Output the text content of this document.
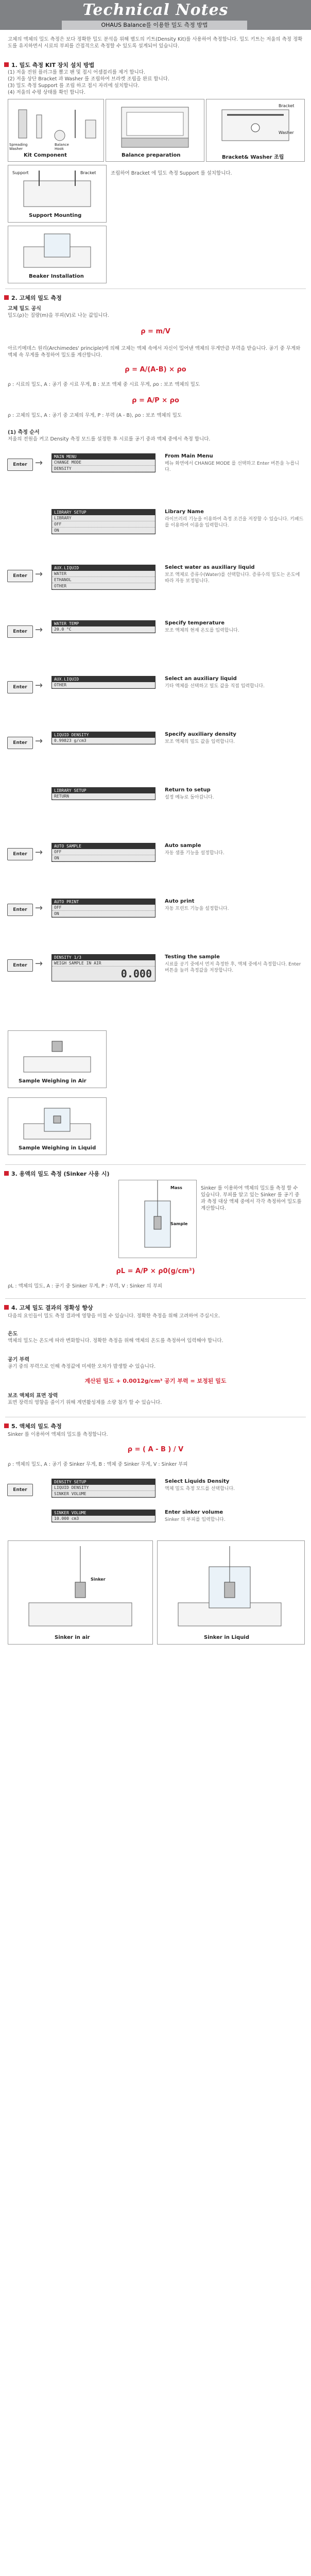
Technical Notes
OHAUS Balance를 이용한 밀도 측정 방법
고체의 액체의 밀도 측정은 보다 정확한 밀도 분석을 위해 별도의 키트(Density Kit)를 사용하여 측정합니다. 밀도 키트는 저울의 측정 정확도를 유지하면서 시료의 부피를 간접적으로 측정할 수 있도록 설계되어 있습니다.
1. 밀도 측정 KIT 장치 설치 방법
(1) 저울 전원 플러그를 뽑고 팬 및 접시 어셈블리를 제거 합니다.
(2) 저울 상단 Bracket 과 Washer 를 조립하여 브라켓 조립을 완료 합니다.
(3) 밀도 측정 Support 를 조립 하고 접시 자리에 설치합니다.
(4) 저울의 수평 상태를 확인 합니다.
Spreading
Washer
Balance
Hook
Kit Component	Balance preparation
Bracket
Washer
Bracket& Washer 조립
Support	Bracket
Support Mounting
조립하여 Bracket 에 밀도 측정 Support 를 설치합니다.
Beaker Installation
2. 고체의 밀도 측정
고체 밀도 공식
밀도(ρ)는 질량(m)을 부피(V)로 나눈 값입니다.
ρ = m/V
아르키메데스 원리(Archimedes' principle)에 의해 고체는 액체 속에서 자신이 밀어낸 액체의 무게만큼 부력을 받습니다. 공기 중 무게와 액체 속 무게를 측정하여 밀도를 계산합니다.
ρ = A/(A-B) × ρo
ρ : 시료의 밀도, A : 공기 중 시료 무게, B : 보조 액체 중 시료 무게, ρo : 보조 액체의 밀도
ρ = A/P × ρo
ρ : 고체의 밀도, A : 공기 중 고체의 무게, P : 부력 (A - B), ρo : 보조 액체의 밀도
(1) 측정 순서
저울의 전원을 켜고 Density 측정 모드를 설정한 후 시료를 공기 중과 액체 중에서 측정 합니다.
Enter →
MAIN MENU
CHANGE MODE
DENSITY
From Main Menu
메뉴 화면에서 CHANGE MODE 를 선택하고 Enter 버튼을 누릅니다.
LIBRARY SETUP
LIBRARY
OFF
ON
Library Name
라이브러리 기능을 이용하여 측정 조건을 저장할 수 있습니다. 키패드를 이용하여 이름을 입력합니다.
Enter →
AUX.LIQUID
WATER
ETHANOL
OTHER
Select water as auxiliary liquid
보조 액체로 증류수(Water)를 선택합니다. 증류수의 밀도는 온도에 따라 자동 보정됩니다.
Enter →
WATER TEMP
20.0 °C
Specify temperature
보조 액체의 현재 온도를 입력합니다.
Enter →
AUX.LIQUID
OTHER
Select an auxiliary liquid
기타 액체를 선택하고 밀도 값을 직접 입력합니다.
Enter →
LIQUID DENSITY
0.99823 g/cm3
Specify auxiliary density
보조 액체의 밀도 값을 입력합니다.
LIBRARY SETUP
RETURN
Return to setup
설정 메뉴로 돌아갑니다.
Enter →
AUTO SAMPLE
OFF
ON
Auto sample
자동 샘플 기능을 설정합니다.
Enter →
AUTO PRINT
OFF
ON
Auto print
자동 프린트 기능을 설정합니다.
Enter →
DENSITY 1/3
WEIGH SAMPLE IN AIR
0.000
Testing the sample
시료를 공기 중에서 먼저 측정한 후, 액체 중에서 측정합니다. Enter 버튼을 눌러 측정값을 저장합니다.
Sample Weighing in Air
Sample Weighing in Liquid
3. 용액의 밀도 측정 (Sinker 사용 시)
Mass
Sample
Sinker 를 이용하여 액체의 밀도를 측정 할 수 있습니다. 부피를 알고 있는 Sinker 를 공기 중과 측정 대상 액체 중에서 각각 측정하여 밀도를 계산합니다.
ρL = A/P × ρ0(g/cm³)
ρL : 액체의 밀도, A : 공기 중 Sinker 무게, P : 부력, V : Sinker 의 부피
4. 고체 밀도 결과의 정확성 향상
다음의 요인들이 밀도 측정 결과에 영향을 미칠 수 있습니다. 정확한 측정을 위해 고려하여 주십시오.
온도
액체의 밀도는 온도에 따라 변화합니다. 정확한 측정을 위해 액체의 온도를 측정하여 입력해야 합니다.
공기 부력
공기 중의 부력으로 인해 측정값에 미세한 오차가 발생할 수 있습니다.
계산된 밀도 + 0.0012g/cm³ 공기 부력 = 보정된 밀도
보조 액체의 표면 장력
표면 장력의 영향을 줄이기 위해 계면활성제를 소량 첨가 할 수 있습니다.
5. 액체의 밀도 측정
Sinker 를 이용하여 액체의 밀도를 측정합니다.
ρ = ( A - B ) / V
ρ : 액체의 밀도, A : 공기 중 Sinker 무게, B : 액체 중 Sinker 무게, V : Sinker 부피
DENSITY SETUP
LIQUID DENSITY
SINKER VOLUME
Enter
Select Liquids Density
액체 밀도 측정 모드를 선택합니다.
SINKER VOLUME
10.000 cm3
Enter sinker volume
Sinker 의 부피를 입력합니다.
Sinker
Sinker in air	Sinker in Liquid
